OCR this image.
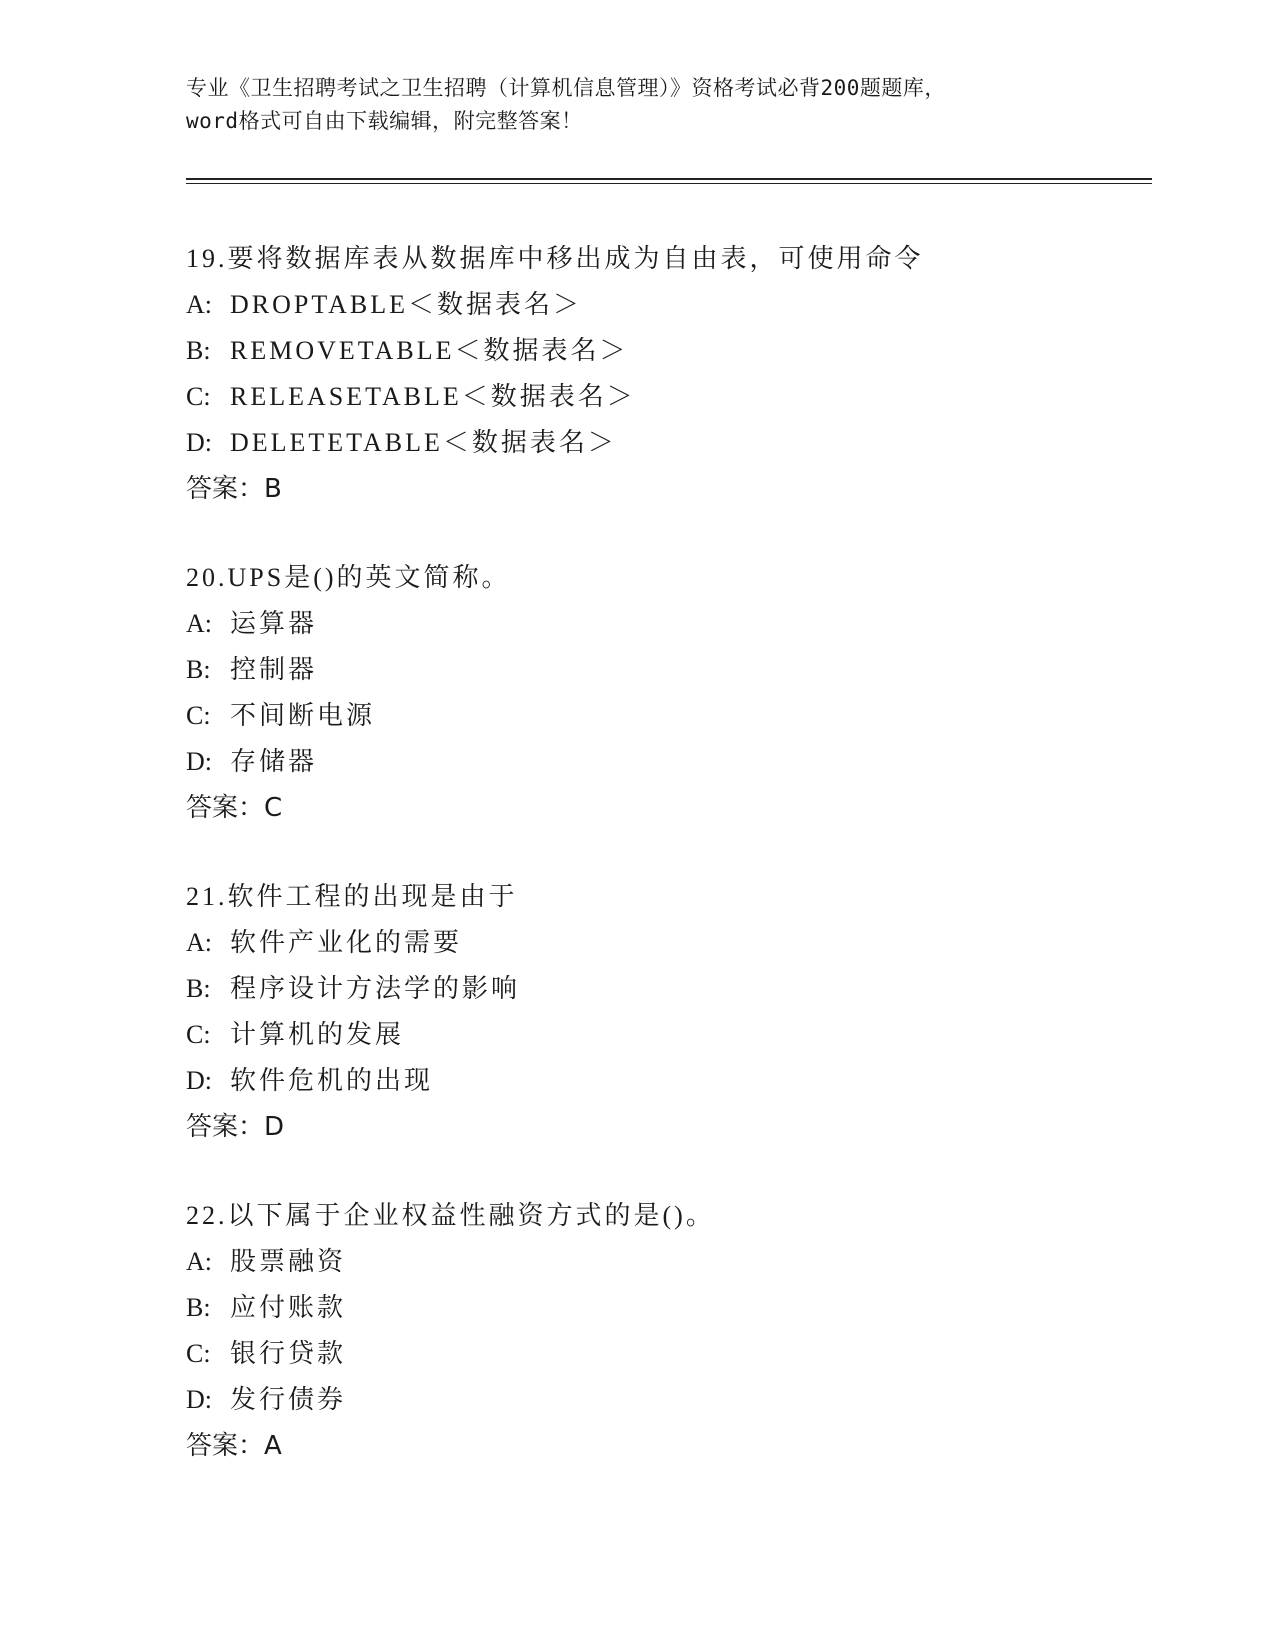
专业《卫生招聘考试之卫生招聘（计算机信息管理）》资格考试必背200题题库，
word格式可自由下载编辑，附完整答案！
19.要将数据库表从数据库中移出成为自由表，可使用命令
A: DROPTABLE＜数据表名＞
B: REMOVETABLE＜数据表名＞
C: RELEASETABLE＜数据表名＞
D: DELETETABLE＜数据表名＞
答案：B
20.UPS是()的英文简称。
A: 运算器
B: 控制器
C: 不间断电源
D: 存储器
答案：C
21.软件工程的出现是由于
A: 软件产业化的需要
B: 程序设计方法学的影响
C: 计算机的发展
D: 软件危机的出现
答案：D
22.以下属于企业权益性融资方式的是()。
A: 股票融资
B: 应付账款
C: 银行贷款
D: 发行债券
答案：A
